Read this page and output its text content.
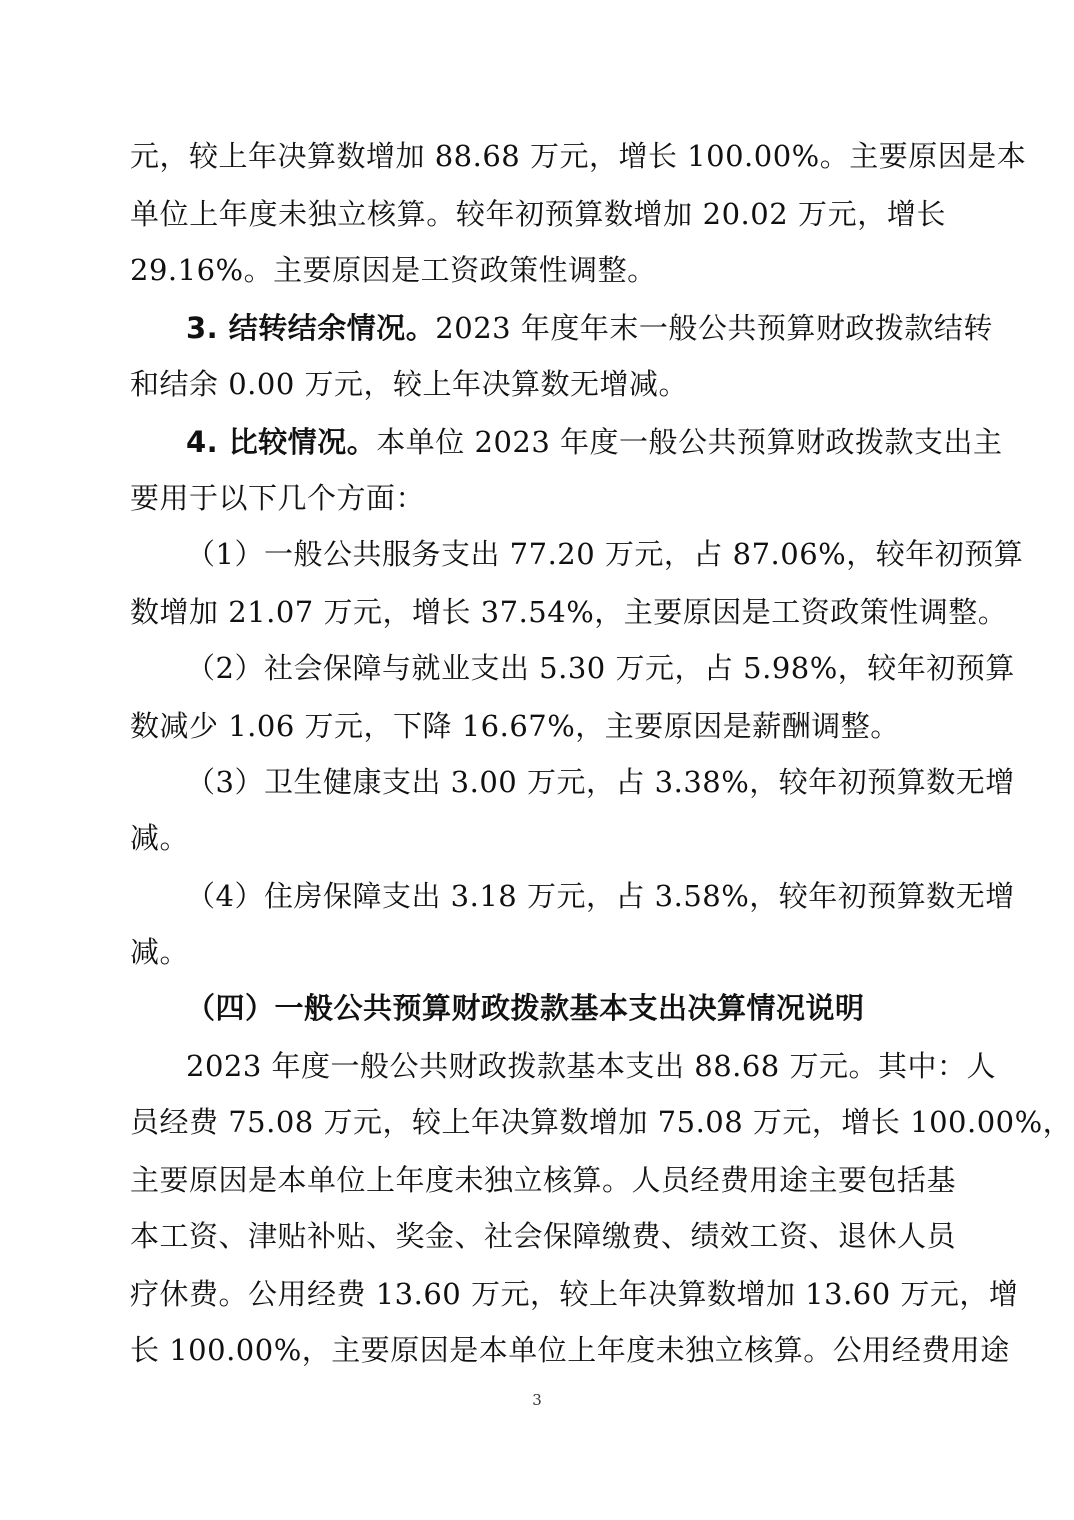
元，较上年决算数增加 88.68 万元，增长 100.00%。主要原因是本
单位上年度未独立核算。较年初预算数增加 20.02 万元，增长
29.16%。主要原因是工资政策性调整。
3. 结转结余情况。2023 年度年末一般公共预算财政拨款结转
和结余 0.00 万元，较上年决算数无增减。
4. 比较情况。本单位 2023 年度一般公共预算财政拨款支出主
要用于以下几个方面：
（1）一般公共服务支出 77.20 万元，占 87.06%，较年初预算
数增加 21.07 万元，增长 37.54%，主要原因是工资政策性调整。
（2）社会保障与就业支出 5.30 万元，占 5.98%，较年初预算
数减少 1.06 万元，下降 16.67%，主要原因是薪酬调整。
（3）卫生健康支出 3.00 万元，占 3.38%，较年初预算数无增
减。
（4）住房保障支出 3.18 万元，占 3.58%，较年初预算数无增
减。
（四）一般公共预算财政拨款基本支出决算情况说明
2023 年度一般公共财政拨款基本支出 88.68 万元。其中：人
员经费 75.08 万元，较上年决算数增加 75.08 万元，增长 100.00%，
主要原因是本单位上年度未独立核算。人员经费用途主要包括基
本工资、津贴补贴、奖金、社会保障缴费、绩效工资、退休人员
疗休费。公用经费 13.60 万元，较上年决算数增加 13.60 万元，增
长 100.00%，主要原因是本单位上年度未独立核算。公用经费用途
3
